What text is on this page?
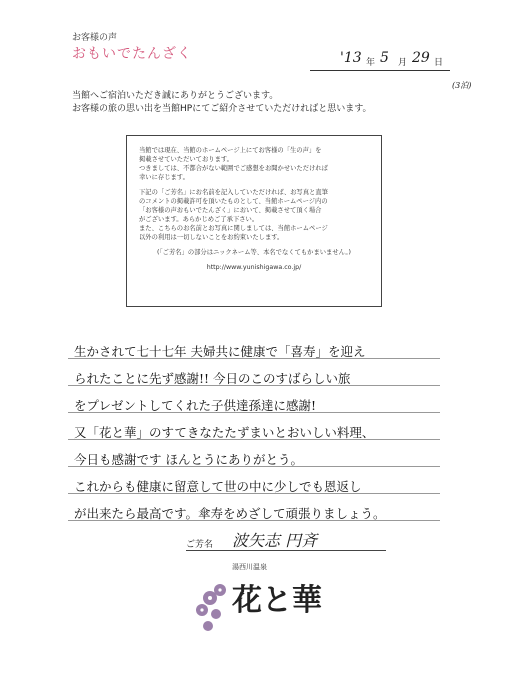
お客様の声
おもいでたんざく	'13 年 5 月 29 日
(3泊)
当館へご宿泊いただき誠にありがとうございます。
お客様の旅の思い出を当館HPにてご紹介させていただければと思います。

当館では現在、当館のホームページ上にてお客様の「生の声」を

掲載させていただいております。

つきましては、不都合がない範囲でご感想をお聞かせいただければ

幸いに存じます。

下記の「ご芳名」にお名前を記入していただければ、お写真と直筆

のコメントの掲載許可を頂いたものとして、当館ホームページ内の

「お客様の声おもいでたんざく」において、掲載させて頂く場合

がございます。あらかじめご了承下さい。

また、こちらのお名前とお写真に関しましては、当館ホームページ

以外の利用は一切しないことをお約束いたします。

(「ご芳名」の部分はニックネーム等、本名でなくてもかまいません。)

http://www.yunishigawa.co.jp/

生かされて七十七年 夫婦共に健康で「喜寿」を迎え
られたことに先ず感謝!! 今日のこのすばらしい旅
をプレゼントしてくれた子供達孫達に感謝!
又「花と華」のすてきなたたずまいとおいしい料理、
今日も感謝です ほんとうにありがとう。
これからも健康に留意して世の中に少しでも恩返し
が出来たら最高です。傘寿をめざして頑張りましょう。
ご芳名 波矢志 円斉
湯西川温泉
花と華
